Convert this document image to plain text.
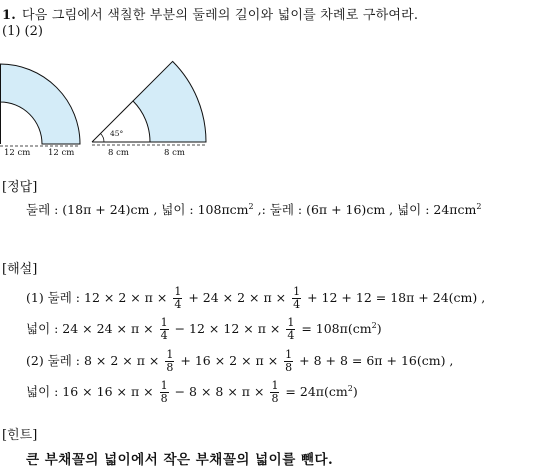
1. 다음 그림에서 색칠한 부분의 둘레의 길이와 넓이를 차례로 구하여라.
(1) (2)
12 cm 12 cm
45°
8 cm	8 cm
[정답]
둘레 : (18π + 24)cm , 넓이 : 108πcm$^2$ ,: 둘레 : (6π + 16)cm , 넓이 : 24πcm$^2$
[해설]
(1) 둘레 : $12 \times 2 \times \pi \times \frac{1}{4} + 24 \times 2 \times \pi \times \frac{1}{4} + 12 + 12 = 18\pi + 24(cm)$ ,
넓이 : $24 \times 24 \times \pi \times \frac{1}{4} - 12 \times 12 \times \pi \times \frac{1}{4} = 108\pi(cm^2)$
(2) 둘레 : $8 \times 2 \times \pi \times \frac{1}{8} + 16 \times 2 \times \pi \times \frac{1}{8} + 8 + 8 = 6\pi + 16(cm)$ ,
넓이 : $16 \times 16 \times \pi \times \frac{1}{8} - 8 \times 8 \times \pi \times \frac{1}{8} = 24\pi(cm^2)$
[힌트]
큰 부채꼴의 넓이에서 작은 부채꼴의 넓이를 뺀다.
